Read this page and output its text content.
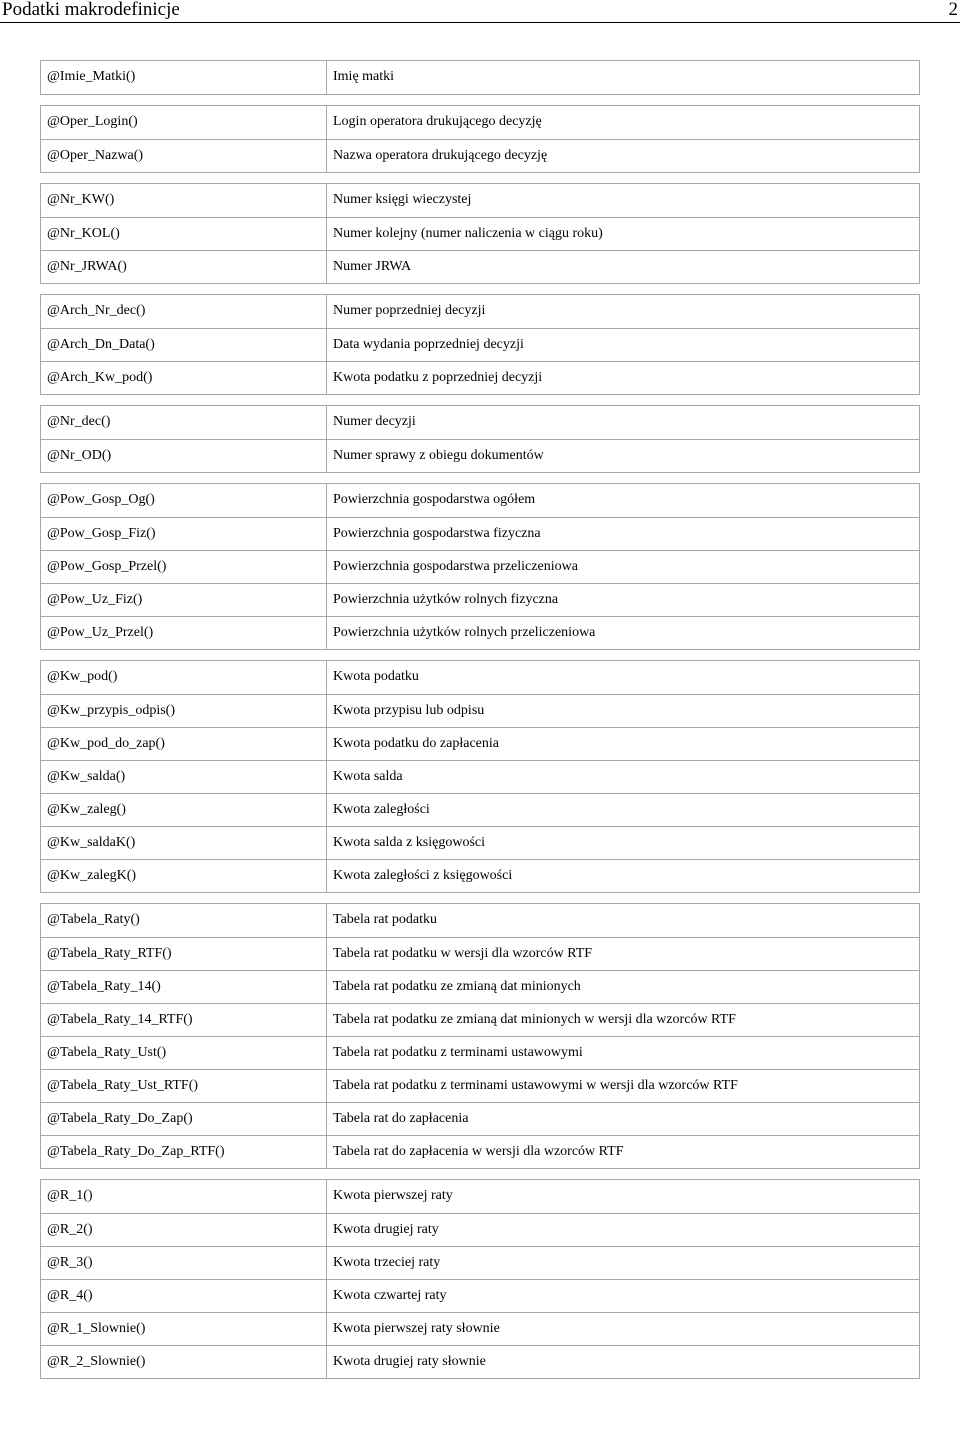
Podatki makrodefinicje	2
@Imie_Matki()	Imię matki
@Oper_Login()	Login operatora drukującego decyzję
@Oper_Nazwa()	Nazwa operatora drukującego decyzję
@Nr_KW()	Numer księgi wieczystej
@Nr_KOL()	Numer kolejny (numer naliczenia w ciągu roku)
@Nr_JRWA()	Numer JRWA
@Arch_Nr_dec()	Numer poprzedniej decyzji
@Arch_Dn_Data()	Data wydania poprzedniej decyzji
@Arch_Kw_pod()	Kwota podatku z poprzedniej decyzji
@Nr_dec()	Numer decyzji
@Nr_OD()	Numer sprawy z obiegu dokumentów
@Pow_Gosp_Og()	Powierzchnia gospodarstwa ogółem
@Pow_Gosp_Fiz()	Powierzchnia gospodarstwa fizyczna
@Pow_Gosp_Przel()	Powierzchnia gospodarstwa przeliczeniowa
@Pow_Uz_Fiz()	Powierzchnia użytków rolnych fizyczna
@Pow_Uz_Przel()	Powierzchnia użytków rolnych przeliczeniowa
@Kw_pod()	Kwota podatku
@Kw_przypis_odpis()	Kwota przypisu lub odpisu
@Kw_pod_do_zap()	Kwota podatku do zapłacenia
@Kw_salda()	Kwota salda
@Kw_zaleg()	Kwota zaległości
@Kw_saldaK()	Kwota salda z księgowości
@Kw_zalegK()	Kwota zaległości z księgowości
@Tabela_Raty()	Tabela rat podatku
@Tabela_Raty_RTF()	Tabela rat podatku w wersji dla wzorców RTF
@Tabela_Raty_14()	Tabela rat podatku ze zmianą dat minionych
@Tabela_Raty_14_RTF()	Tabela rat podatku ze zmianą dat minionych w wersji dla wzorców RTF
@Tabela_Raty_Ust()	Tabela rat podatku z terminami ustawowymi
@Tabela_Raty_Ust_RTF()	Tabela rat podatku z terminami ustawowymi w wersji dla wzorców RTF
@Tabela_Raty_Do_Zap()	Tabela rat do zapłacenia
@Tabela_Raty_Do_Zap_RTF()	Tabela rat do zapłacenia w wersji dla wzorców RTF
@R_1()	Kwota pierwszej raty
@R_2()	Kwota drugiej raty
@R_3()	Kwota trzeciej raty
@R_4()	Kwota czwartej raty
@R_1_Slownie()	Kwota pierwszej raty słownie
@R_2_Slownie()	Kwota drugiej raty słownie
